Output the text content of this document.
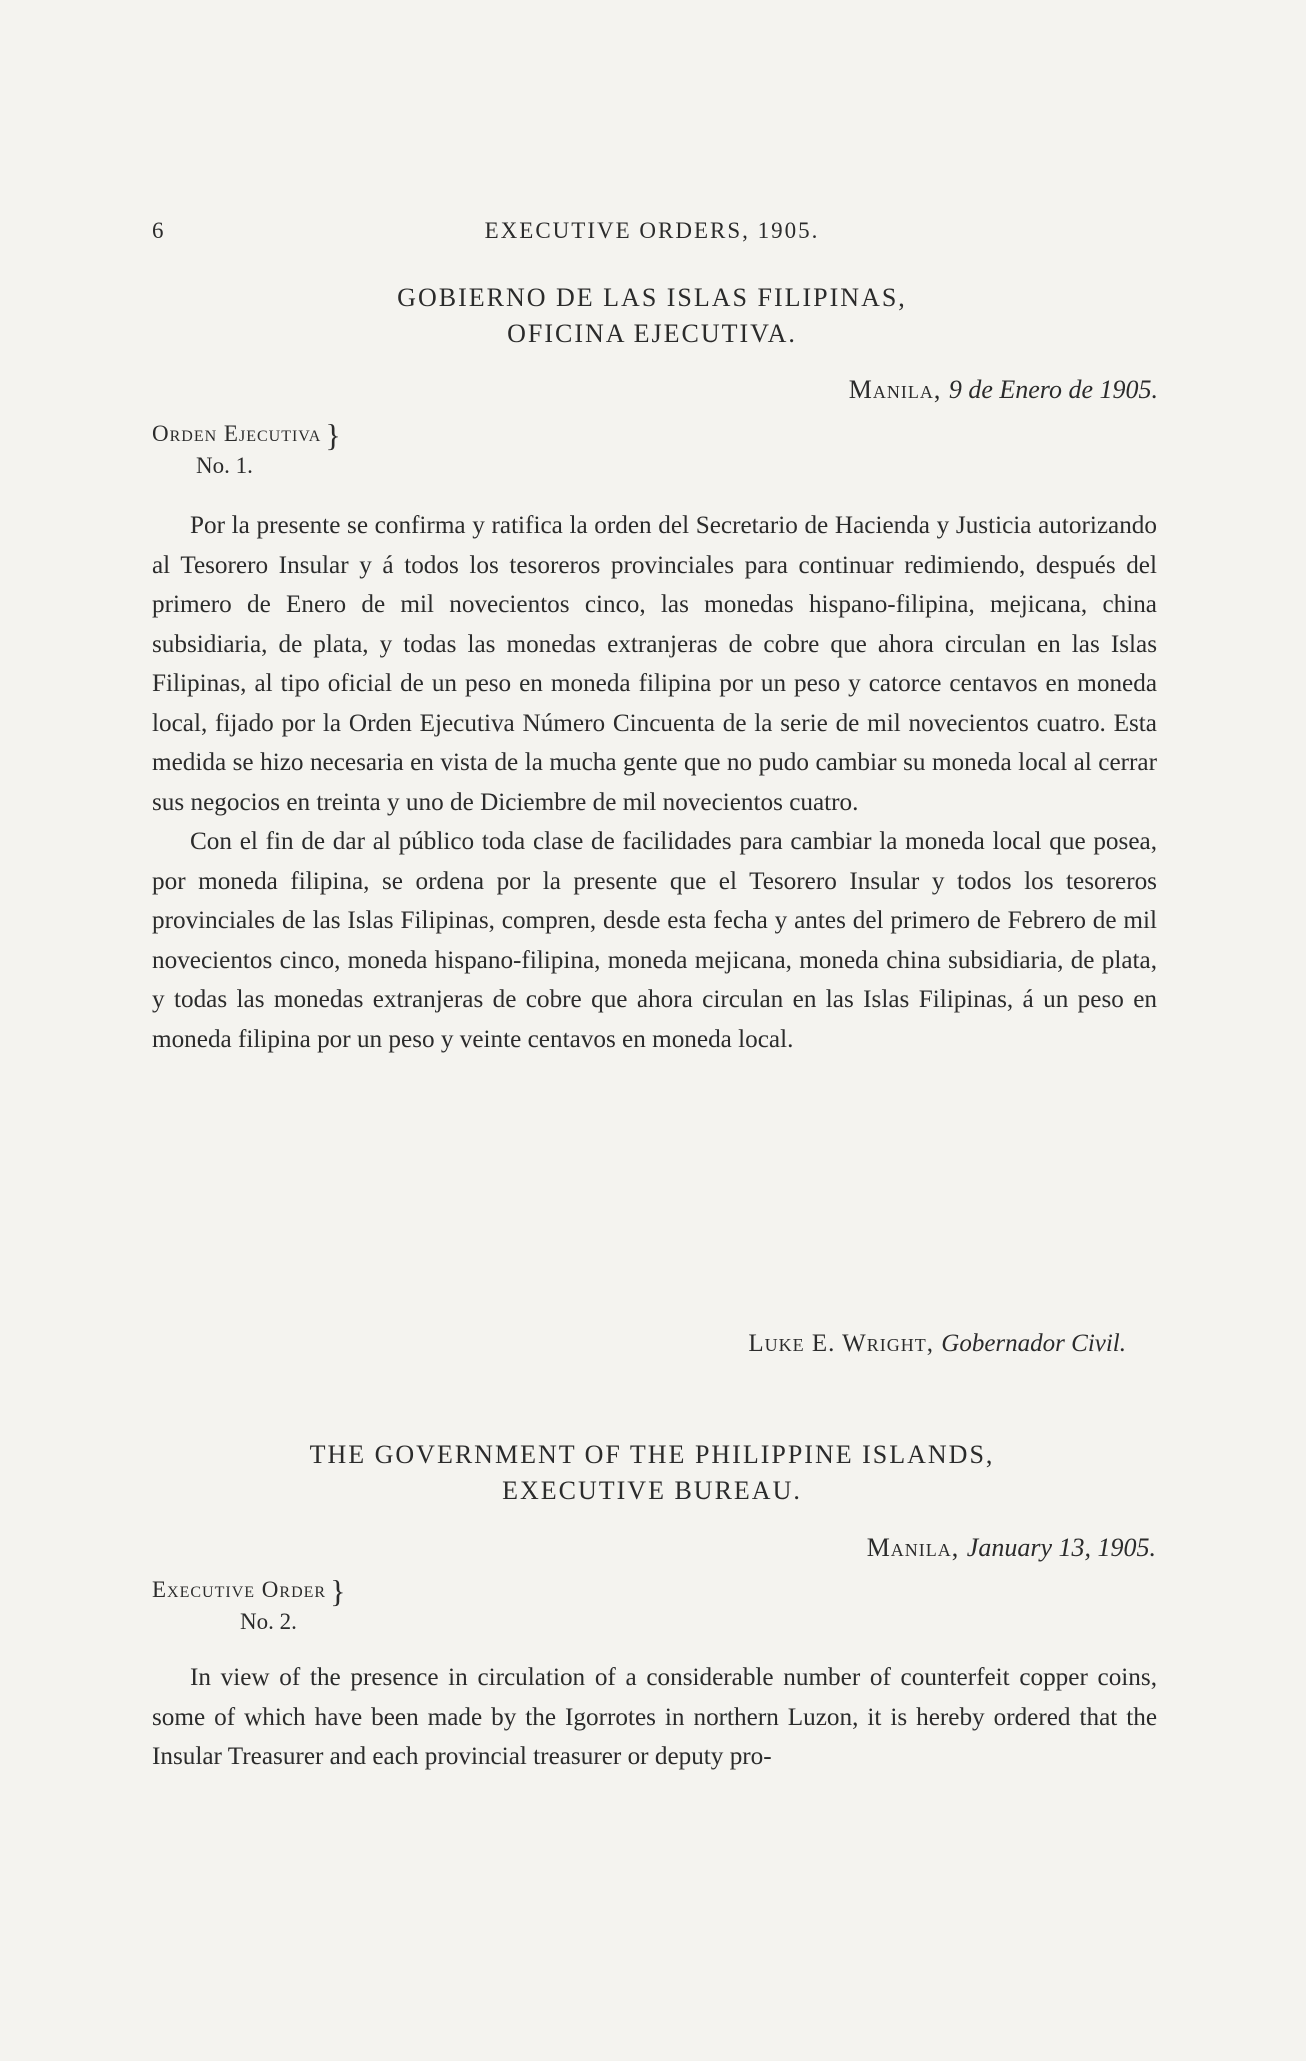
6	EXECUTIVE ORDERS, 1905.
GOBIERNO DE LAS ISLAS FILIPINAS,
OFICINA EJECUTIVA.
Manila, 9 de Enero de 1905.
Orden Ejecutiva }
No. 1.

Por la presente se confirma y ratifica la orden del Secretario de Hacienda y Justicia autorizando al Tesorero Insular y á todos los tesoreros provinciales para continuar redimiendo, después del primero de Enero de mil novecientos cinco, las monedas hispano-filipina, mejicana, china subsidiaria, de plata, y todas las monedas extranjeras de cobre que ahora circulan en las Islas Filipinas, al tipo oficial de un peso en moneda filipina por un peso y catorce centavos en moneda local, fijado por la Orden Ejecutiva Número Cincuenta de la serie de mil novecientos cuatro. Esta medida se hizo necesaria en vista de la mucha gente que no pudo cambiar su moneda local al cerrar sus negocios en treinta y uno de Diciembre de mil novecientos cuatro.

Con el fin de dar al público toda clase de facilidades para cambiar la moneda local que posea, por moneda filipina, se ordena por la presente que el Tesorero Insular y todos los tesoreros provinciales de las Islas Filipinas, compren, desde esta fecha y antes del primero de Febrero de mil novecientos cinco, moneda hispano-filipina, moneda mejicana, moneda china subsidiaria, de plata, y todas las monedas extranjeras de cobre que ahora circulan en las Islas Filipinas, á un peso en moneda filipina por un peso y veinte centavos en moneda local.

Luke E. Wright, Gobernador Civil.
THE GOVERNMENT OF THE PHILIPPINE ISLANDS,
EXECUTIVE BUREAU.
Manila, January 13, 1905.
Executive Order }
No. 2.

In view of the presence in circulation of a considerable number of counterfeit copper coins, some of which have been made by the Igorrotes in northern Luzon, it is hereby ordered that the Insular Treasurer and each provincial treasurer or deputy pro-
